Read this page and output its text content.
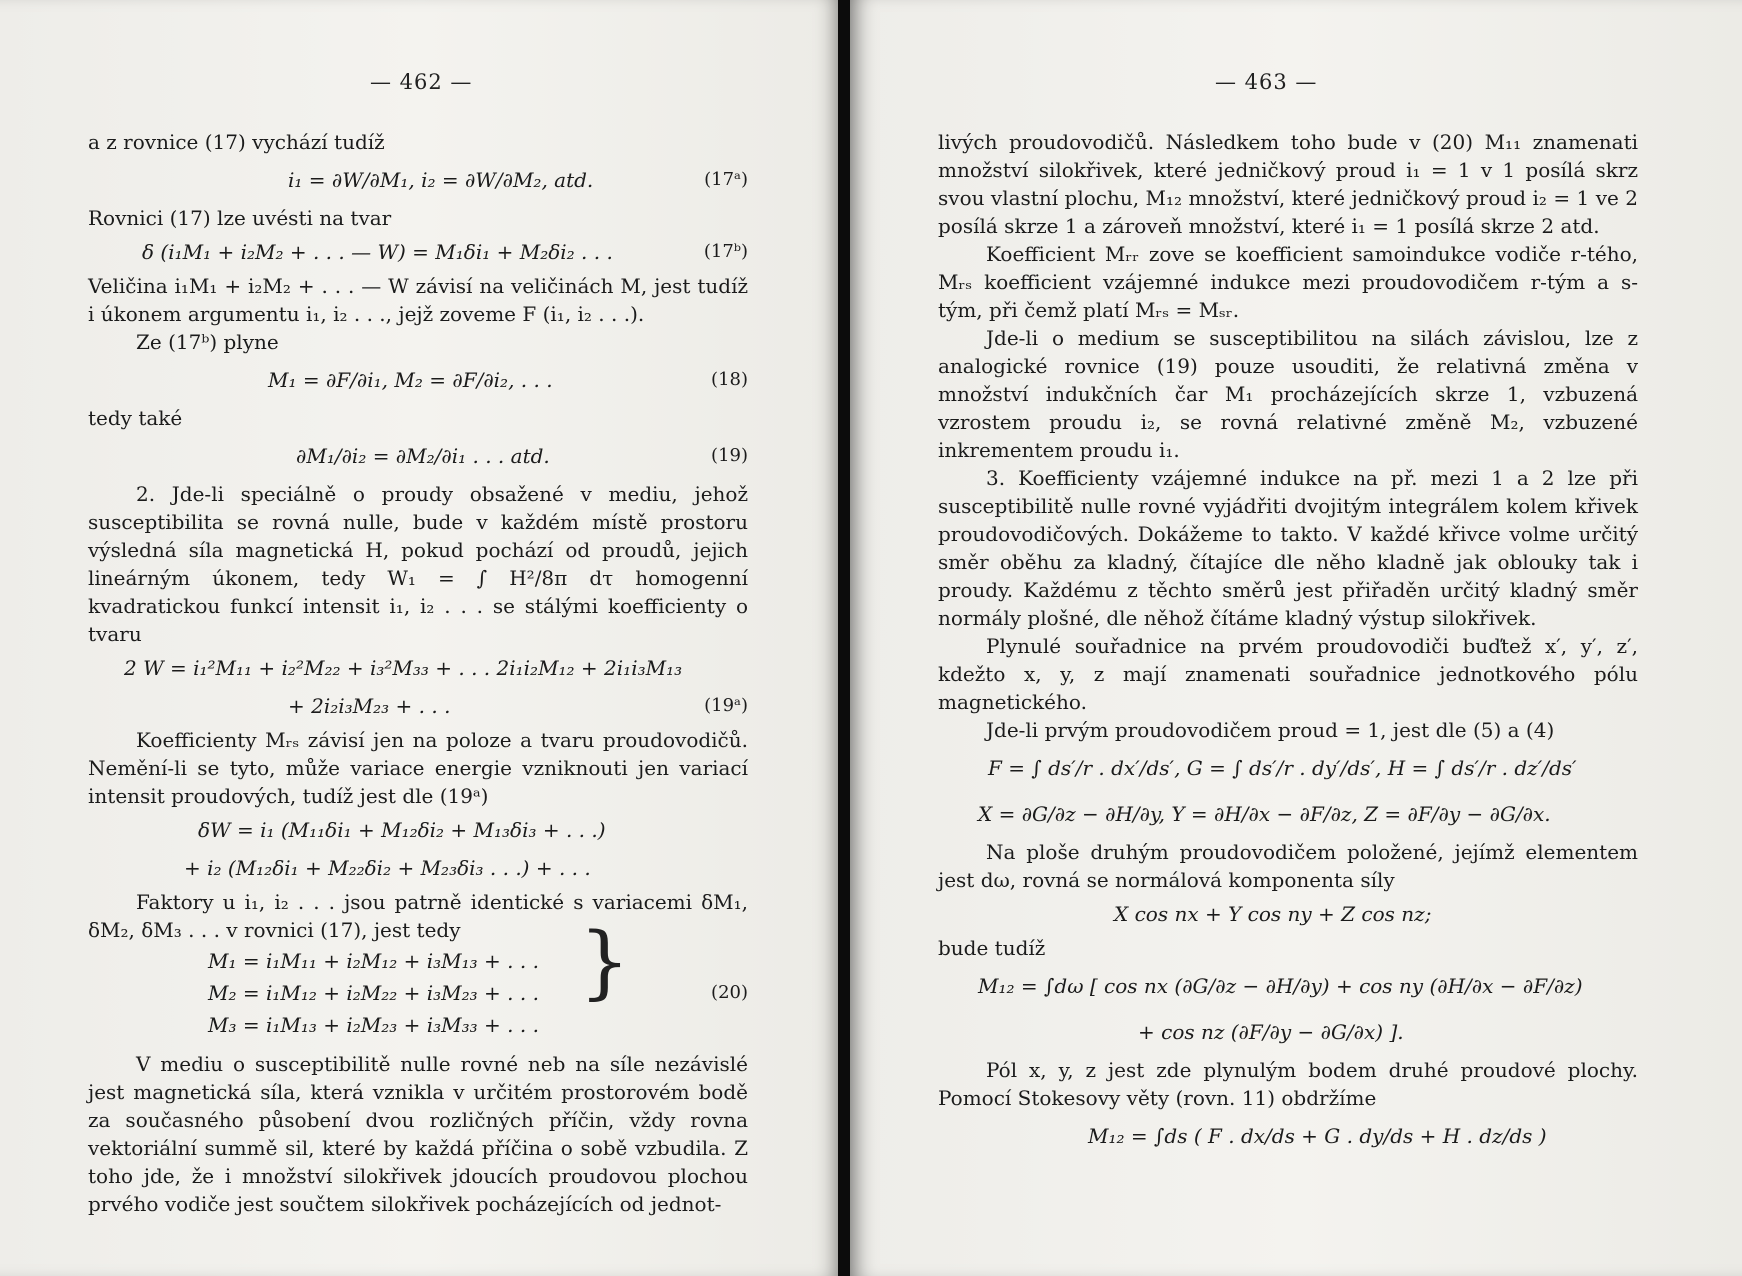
— 462 —

a z rovnice (17) vychází tudíž

i₁ = ∂W/∂M₁, i₂ = ∂W/∂M₂, atd.	(17ᵃ)

Rovnici (17) lze uvésti na tvar

δ (i₁M₁ + i₂M₂ + . . . — W) = M₁δi₁ + M₂δi₂ . . .	(17ᵇ)

Veličina i₁M₁ + i₂M₂ + . . . — W závisí na veličinách M, jest tudíž i úkonem argumentu i₁, i₂ . . ., jejž zoveme F (i₁, i₂ . . .).

Ze (17ᵇ) plyne

M₁ = ∂F/∂i₁, M₂ = ∂F/∂i₂, . . .	(18)

tedy také

∂M₁/∂i₂ = ∂M₂/∂i₁ . . . atd.	(19)

2. Jde-li speciálně o proudy obsažené v mediu, jehož susceptibilita se rovná nulle, bude v každém místě prostoru výsledná síla magnetická H, pokud pochází od proudů, jejich lineárným úkonem, tedy W₁ = ∫ H²/8π dτ homogenní kvadratickou funkcí intensit i₁, i₂ . . . se stálými koefficienty o tvaru

2 W = i₁²M₁₁ + i₂²M₂₂ + i₃²M₃₃ + . . . 2i₁i₂M₁₂ + 2i₁i₃M₁₃
+ 2i₂i₃M₂₃ + . . .	(19ᵃ)

Koefficienty Mᵣₛ závisí jen na poloze a tvaru proudovodičů. Nemění-li se tyto, může variace energie vzniknouti jen variací intensit proudových, tudíž jest dle (19ᵃ)

δW = i₁ (M₁₁δi₁ + M₁₂δi₂ + M₁₃δi₃ + . . .)
+ i₂ (M₁₂δi₁ + M₂₂δi₂ + M₂₃δi₃ . . .) + . . .

Faktory u i₁, i₂ . . . jsou patrně identické s variacemi δM₁, δM₂, δM₃ . . . v rovnici (17), jest tedy	}
M₁ = i₁M₁₁ + i₂M₁₂ + i₃M₁₃ + . . .
M₂ = i₁M₁₂ + i₂M₂₂ + i₃M₂₃ + . . .	(20)
M₃ = i₁M₁₃ + i₂M₂₃ + i₃M₃₃ + . . .

V mediu o susceptibilitě nulle rovné neb na síle nezávislé jest magnetická síla, která vznikla v určitém prostorovém bodě za současného působení dvou rozličných příčin, vždy rovna vektoriální summě sil, které by každá příčina o sobě vzbudila. Z toho jde, že i množství silokřivek jdoucích proudovou plochou prvého vodiče jest součtem silokřivek pocházejících od jednot-

— 463 —

livých proudovodičů. Následkem toho bude v (20) M₁₁ znamenati množství silokřivek, které jedničkový proud i₁ = 1 v 1 posílá skrz svou vlastní plochu, M₁₂ množství, které jedničkový proud i₂ = 1 ve 2 posílá skrze 1 a zároveň množství, které i₁ = 1 posílá skrze 2 atd.

Koefficient Mᵣᵣ zove se koefficient samoindukce vodiče r-tého, Mᵣₛ koefficient vzájemné indukce mezi proudovodičem r-tým a s-tým, při čemž platí Mᵣₛ = Mₛᵣ.

Jde-li o medium se susceptibilitou na silách závislou, lze z analogické rovnice (19) pouze usouditi, že relativná změna v množství indukčních čar M₁ procházejících skrze 1, vzbuzená vzrostem proudu i₂, se rovná relativné změně M₂, vzbuzené inkrementem proudu i₁.

3. Koefficienty vzájemné indukce na př. mezi 1 a 2 lze při susceptibilitě nulle rovné vyjádřiti dvojitým integrálem kolem křivek proudovodičových. Dokážeme to takto. V každé křivce volme určitý směr oběhu za kladný, čítajíce dle něho kladně jak oblouky tak i proudy. Každému z těchto směrů jest přiřaděn určitý kladný směr normály plošné, dle něhož čítáme kladný výstup silokřivek.

Plynulé souřadnice na prvém proudovodiči buďtež x′, y′, z′, kdežto x, y, z mají znamenati souřadnice jednotkového pólu magnetického.

Jde-li prvým proudovodičem proud = 1, jest dle (5) a (4)

F = ∫ ds′/r . dx′/ds′, G = ∫ ds′/r . dy′/ds′, H = ∫ ds′/r . dz′/ds′
X = ∂G/∂z − ∂H/∂y, Y = ∂H/∂x − ∂F/∂z, Z = ∂F/∂y − ∂G/∂x.

Na ploše druhým proudovodičem položené, jejímž elementem jest dω, rovná se normálová komponenta síly

X cos nx + Y cos ny + Z cos nz;

bude tudíž

M₁₂ = ∫dω [ cos nx (∂G/∂z − ∂H/∂y) + cos ny (∂H/∂x − ∂F/∂z)
+ cos nz (∂F/∂y − ∂G/∂x) ].

Pól x, y, z jest zde plynulým bodem druhé proudové plochy. Pomocí Stokesovy věty (rovn. 11) obdržíme

M₁₂ = ∫ds ( F . dx/ds + G . dy/ds + H . dz/ds )
